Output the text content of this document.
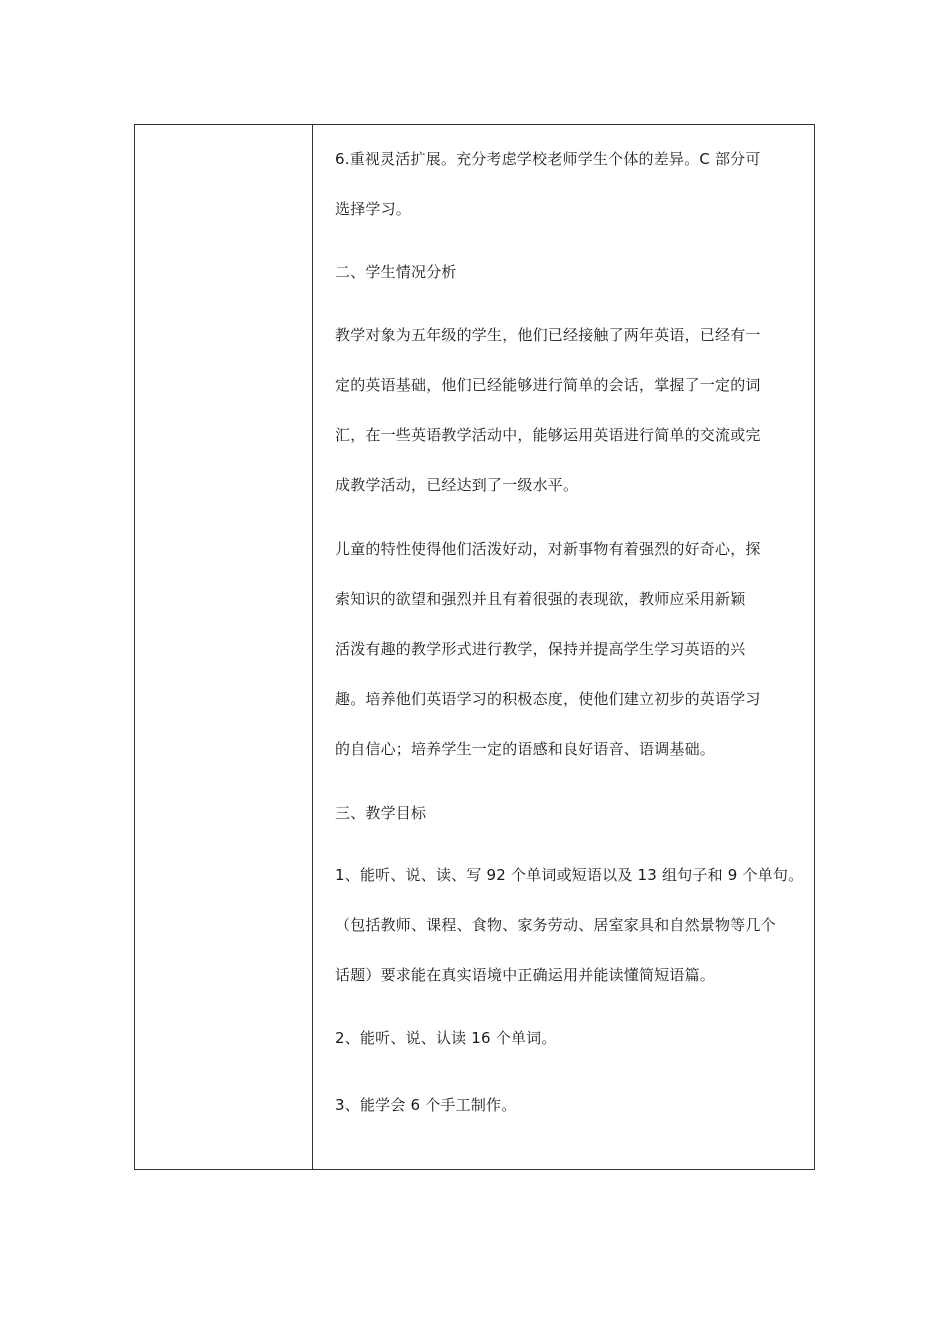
6.重视灵活扩展。充分考虑学校老师学生个体的差异。C 部分可
选择学习。
二、学生情况分析
教学对象为五年级的学生，他们已经接触了两年英语，已经有一
定的英语基础，他们已经能够进行简单的会话，掌握了一定的词
汇，在一些英语教学活动中，能够运用英语进行简单的交流或完
成教学活动，已经达到了一级水平。
儿童的特性使得他们活泼好动，对新事物有着强烈的好奇心，探
索知识的欲望和强烈并且有着很强的表现欲，教师应采用新颖
活泼有趣的教学形式进行教学，保持并提高学生学习英语的兴
趣。培养他们英语学习的积极态度，使他们建立初步的英语学习
的自信心；培养学生一定的语感和良好语音、语调基础。
三、教学目标
1、能听、说、读、写 92 个单词或短语以及 13 组句子和 9 个单句。
（包括教师、课程、食物、家务劳动、居室家具和自然景物等几个
话题）要求能在真实语境中正确运用并能读懂简短语篇。
2、能听、说、认读 16 个单词。
3、能学会 6 个手工制作。
